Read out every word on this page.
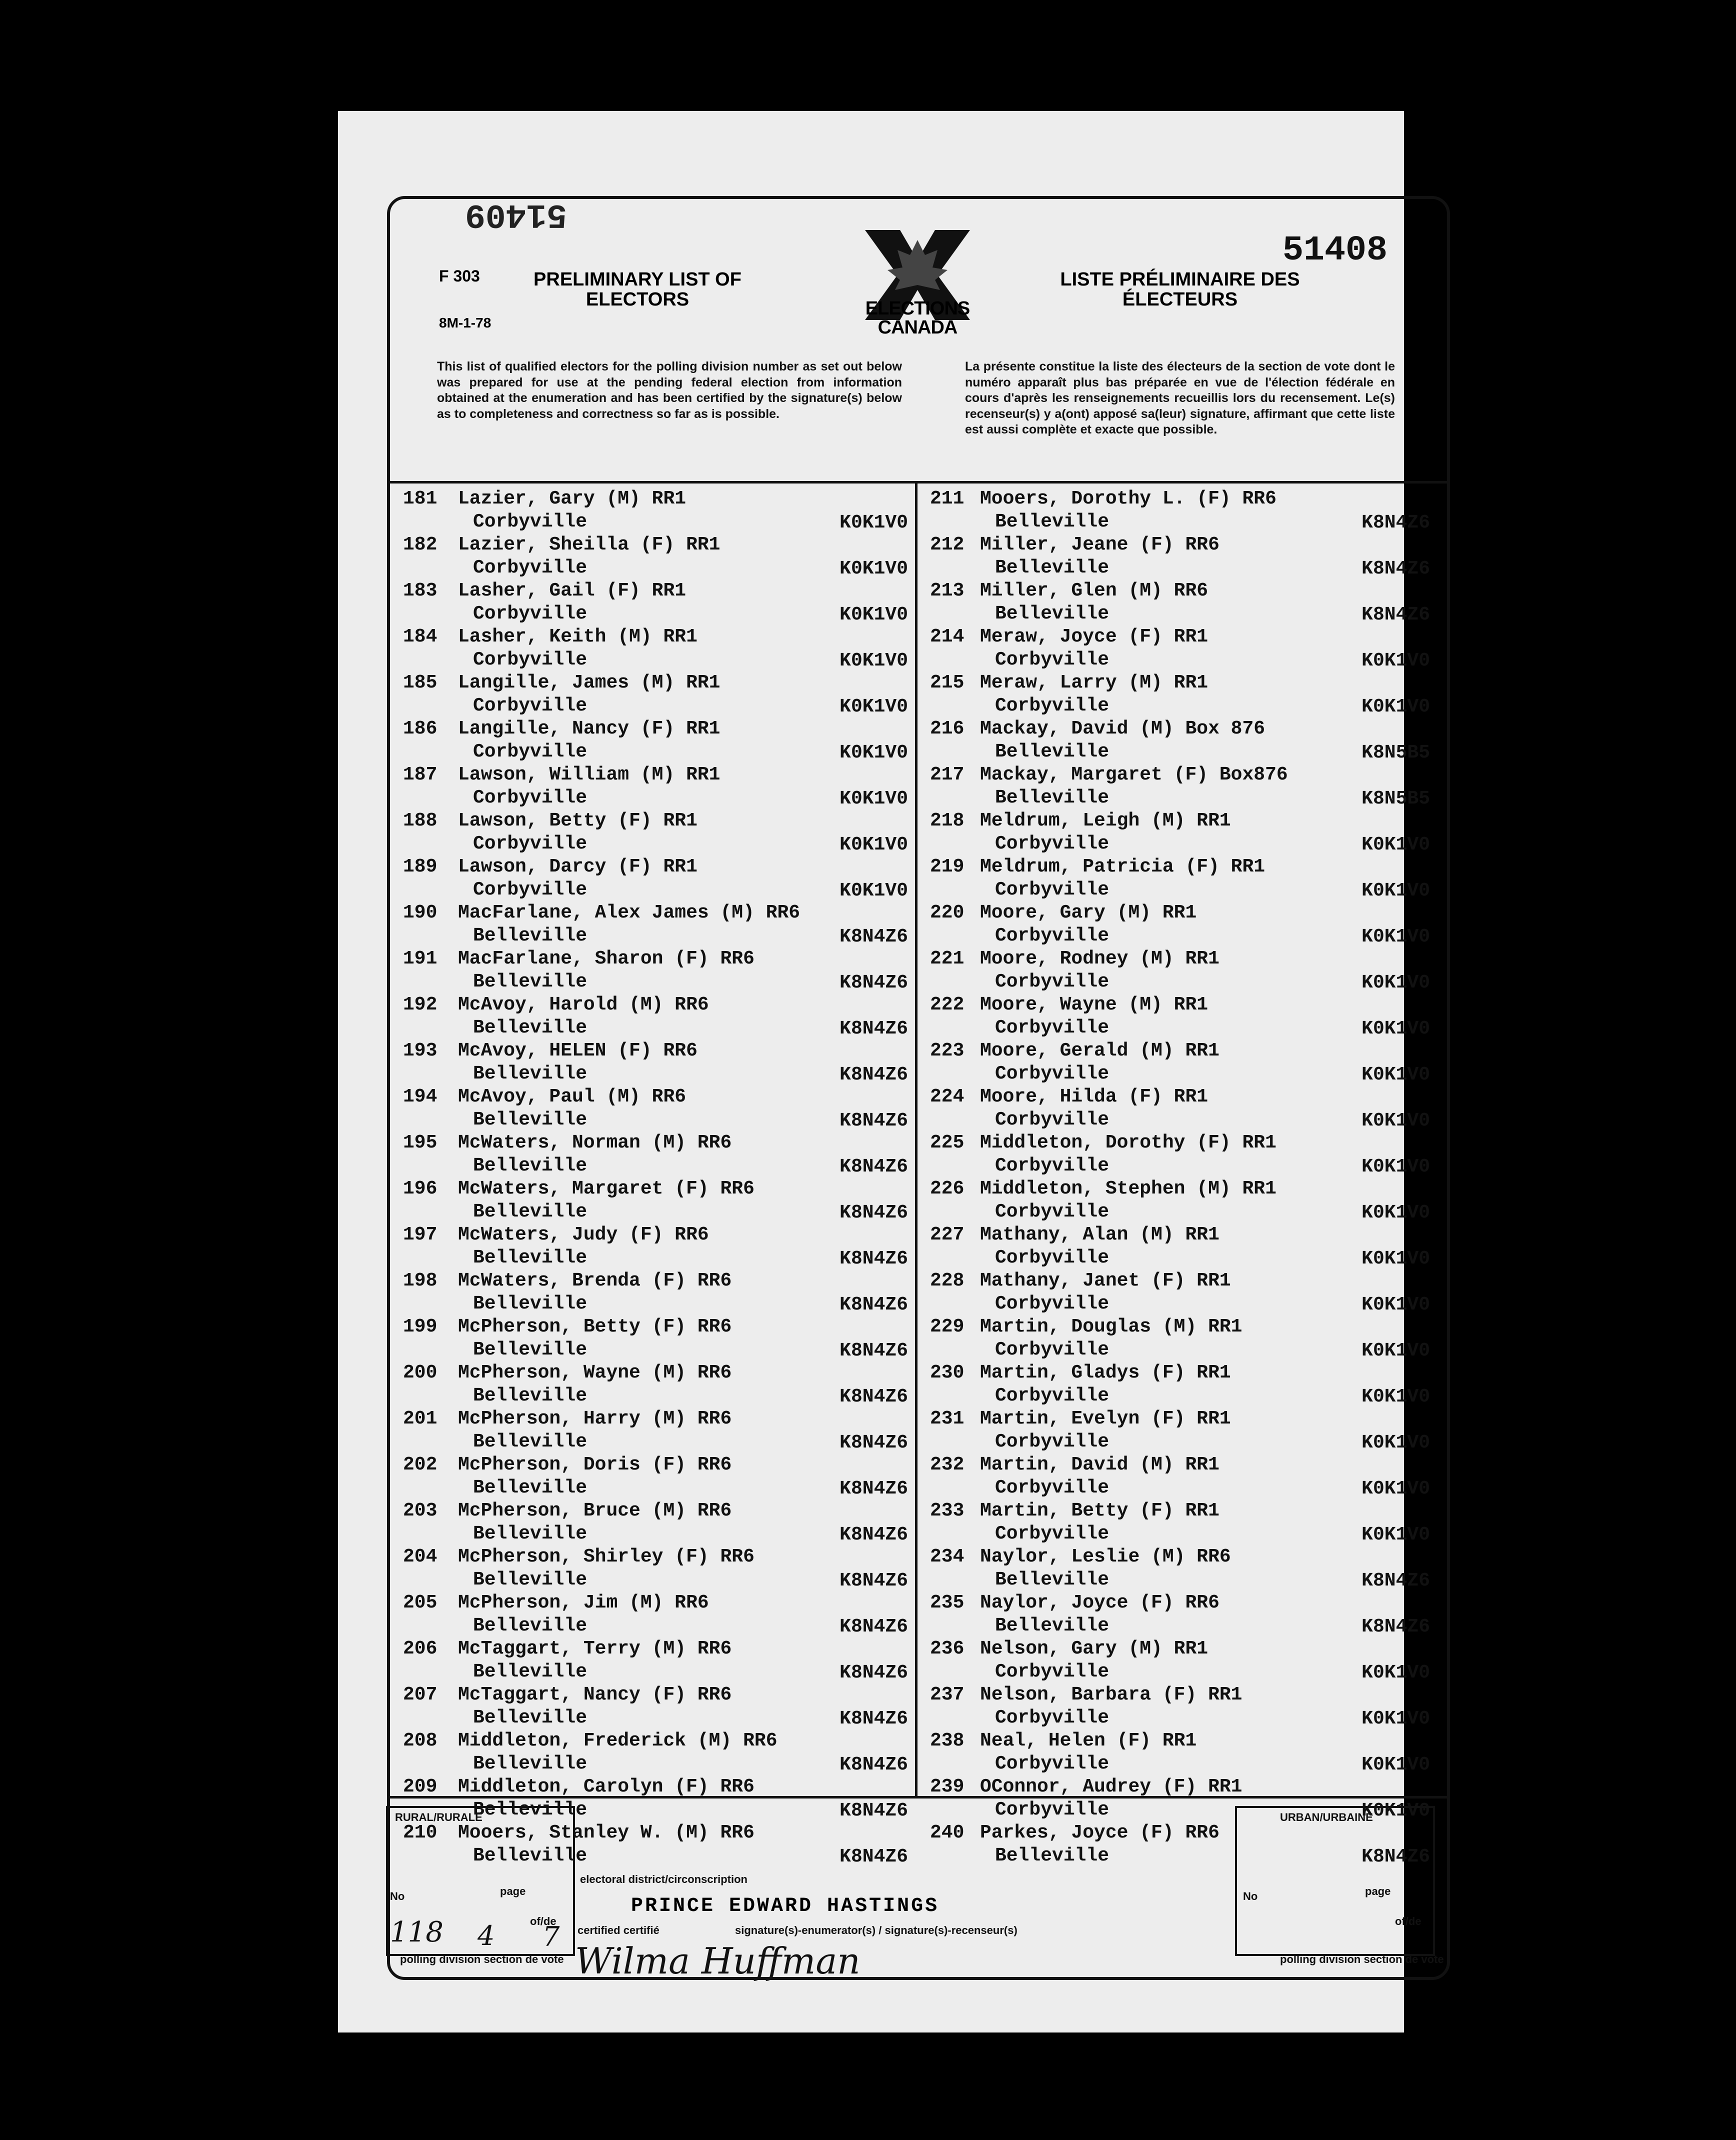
51409
51408
F 303
8M-1-78
PRELIMINARY LIST OF ELECTORS
LISTE PRÉLIMINAIRE DES ÉLECTEURS
ELECTIONS CANADA
This list of qualified electors for the polling division number as set out below was prepared for use at the pending federal election from information obtained at the enumeration and has been certified by the signature(s) below as to completeness and correctness so far as is possible.
La présente constitue la liste des électeurs de la section de vote dont le numéro apparaît plus bas préparée en vue de l'élection fédérale en cours d'après les renseignements recueillis lors du recensement. Le(s) recenseur(s) y a(ont) apposé sa(leur) signature, affirmant que cette liste est aussi complète et exacte que possible.
181 Lazier, Gary (M) RR1
Corbyville	K0K1V0
182 Lazier, Sheilla (F) RR1
Corbyville	K0K1V0
183 Lasher, Gail (F) RR1
Corbyville	K0K1V0
184 Lasher, Keith (M) RR1
Corbyville	K0K1V0
185 Langille, James (M) RR1
Corbyville	K0K1V0
186 Langille, Nancy (F) RR1
Corbyville	K0K1V0
187 Lawson, William (M) RR1
Corbyville	K0K1V0
188 Lawson, Betty (F) RR1
Corbyville	K0K1V0
189 Lawson, Darcy (F) RR1
Corbyville	K0K1V0
190 MacFarlane, Alex James (M) RR6
Belleville	K8N4Z6
191 MacFarlane, Sharon (F) RR6
Belleville	K8N4Z6
192 McAvoy, Harold (M) RR6
Belleville	K8N4Z6
193 McAvoy, HELEN (F) RR6
Belleville	K8N4Z6
194 McAvoy, Paul (M) RR6
Belleville	K8N4Z6
195 McWaters, Norman (M) RR6
Belleville	K8N4Z6
196 McWaters, Margaret (F) RR6
Belleville	K8N4Z6
197 McWaters, Judy (F) RR6
Belleville	K8N4Z6
198 McWaters, Brenda (F) RR6
Belleville	K8N4Z6
199 McPherson, Betty (F) RR6
Belleville	K8N4Z6
200 McPherson, Wayne (M) RR6
Belleville	K8N4Z6
201 McPherson, Harry (M) RR6
Belleville	K8N4Z6
202 McPherson, Doris (F) RR6
Belleville	K8N4Z6
203 McPherson, Bruce (M) RR6
Belleville	K8N4Z6
204 McPherson, Shirley (F) RR6
Belleville	K8N4Z6
205 McPherson, Jim (M) RR6
Belleville	K8N4Z6
206 McTaggart, Terry (M) RR6
Belleville	K8N4Z6
207 McTaggart, Nancy (F) RR6
Belleville	K8N4Z6
208 Middleton, Frederick (M) RR6
Belleville	K8N4Z6
209 Middleton, Carolyn (F) RR6
Belleville	K8N4Z6
210 Mooers, Stanley W. (M) RR6
Belleville	K8N4Z6
211 Mooers, Dorothy L. (F) RR6
Belleville	K8N4Z6
212 Miller, Jeane (F) RR6
Belleville	K8N4Z6
213 Miller, Glen (M) RR6
Belleville	K8N4Z6
214 Meraw, Joyce (F) RR1
Corbyville	K0K1V0
215 Meraw, Larry (M) RR1
Corbyville	K0K1V0
216 Mackay, David (M) Box 876
Belleville	K8N5B5
217 Mackay, Margaret (F) Box876
Belleville	K8N5B5
218 Meldrum, Leigh (M) RR1
Corbyville	K0K1V0
219 Meldrum, Patricia (F) RR1
Corbyville	K0K1V0
220 Moore, Gary (M) RR1
Corbyville	K0K1V0
221 Moore, Rodney (M) RR1
Corbyville	K0K1V0
222 Moore, Wayne (M) RR1
Corbyville	K0K1V0
223 Moore, Gerald (M) RR1
Corbyville	K0K1V0
224 Moore, Hilda (F) RR1
Corbyville	K0K1V0
225 Middleton, Dorothy (F) RR1
Corbyville	K0K1V0
226 Middleton, Stephen (M) RR1
Corbyville	K0K1V0
227 Mathany, Alan (M) RR1
Corbyville	K0K1V0
228 Mathany, Janet (F) RR1
Corbyville	K0K1V0
229 Martin, Douglas (M) RR1
Corbyville	K0K1V0
230 Martin, Gladys (F) RR1
Corbyville	K0K1V0
231 Martin, Evelyn (F) RR1
Corbyville	K0K1V0
232 Martin, David (M) RR1
Corbyville	K0K1V0
233 Martin, Betty (F) RR1
Corbyville	K0K1V0
234 Naylor, Leslie (M) RR6
Belleville	K8N4Z6
235 Naylor, Joyce (F) RR6
Belleville	K8N4Z6
236 Nelson, Gary (M) RR1
Corbyville	K0K1V0
237 Nelson, Barbara (F) RR1
Corbyville	K0K1V0
238 Neal, Helen (F) RR1
Corbyville	K0K1V0
239 OConnor, Audrey (F) RR1
Corbyville	K0K1V0
240 Parkes, Joyce (F) RR6
Belleville	K8N4Z6
RURAL/RURALE
No	page
of/de
118 4 7
polling division section de vote
electoral district/circonscription
PRINCE EDWARD HASTINGS
certified certifié	signature(s)-enumerator(s) / signature(s)-recenseur(s)
Wilma Huffman
URBAN/URBAINE
No	page
of/de
polling division section de vote
